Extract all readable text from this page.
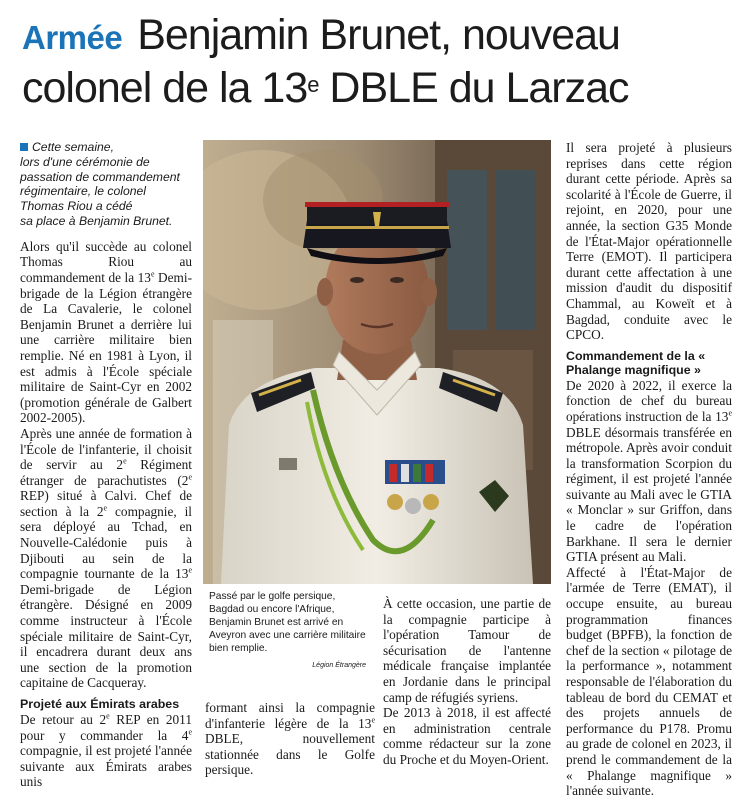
Armée Benjamin Brunet, nouveau
colonel de la 13e DBLE du Larzac
Cette semaine,
lors d'une cérémonie de
passation de commandement
régimentaire, le colonel
Thomas Riou a cédé
sa place à Benjamin Brunet.

Alors qu'il succède au colonel Thomas Riou au commandement de la 13e Demi-brigade de la Légion étrangère de La Cavalerie, le colonel Benjamin Brunet a derrière lui une carrière militaire bien remplie. Né en 1981 à Lyon, il est admis à l'École spéciale militaire de Saint-Cyr en 2002 (promotion générale de Galbert 2002-2005).

Après une année de formation à l'École de l'infanterie, il choisit de servir au 2e Régiment étranger de parachutistes (2e REP) situé à Calvi. Chef de section à la 2e compagnie, il sera déployé au Tchad, en Nouvelle-Calédonie puis à Djibouti au sein de la compagnie tournante de la 13e Demi-brigade de Légion étrangère. Désigné en 2009 comme instructeur à l'École spéciale militaire de Saint-Cyr, il encadrera durant deux ans une section de la promotion capitaine de Cacqueray.

Projeté aux Émirats arabes

De retour au 2e REP en 2011 pour y commander la 4e compagnie, il est projeté l'année suivante aux Émirats arabes unis

Passé par le golfe persique, Bagdad ou encore l'Afrique, Benjamin Brunet est arrivé en Aveyron avec une carrière militaire bien remplie.
Légion Étrangère

formant ainsi la compagnie d'infanterie légère de la 13e DBLE, nouvellement stationnée dans le Golfe persique.

À cette occasion, une partie de la compagnie participe à l'opération Tamour de sécurisation de l'antenne médicale française implantée en Jordanie dans le principal camp de réfugiés syriens.

De 2013 à 2018, il est affecté en administration centrale comme rédacteur sur la zone du Proche et du Moyen-Orient.

Il sera projeté à plusieurs reprises dans cette région durant cette période. Après sa scolarité à l'École de Guerre, il rejoint, en 2020, pour une année, la section G35 Monde de l'État-Major opérationnelle Terre (EMOT). Il participera durant cette affectation à une mission d'audit du dispositif Chammal, au Koweït et à Bagdad, conduite avec le CPCO.

Commandement de la « Phalange magnifique »

De 2020 à 2022, il exerce la fonction de chef du bureau opérations instruction de la 13e DBLE désormais transférée en métropole. Après avoir conduit la transformation Scorpion du régiment, il est projeté l'année suivante au Mali avec le GTIA « Monclar » sur Griffon, dans le cadre de l'opération Barkhane. Il sera le dernier GTIA présent au Mali.

Affecté à l'État-Major de l'armée de Terre (EMAT), il occupe ensuite, au bureau programmation finances budget (BPFB), la fonction de chef de la section « pilotage de la performance », notamment responsable de l'élaboration du tableau de bord du CEMAT et des projets annuels de performance du P178. Promu au grade de colonel en 2023, il prend le commandement de la « Phalange magnifique » l'année suivante.
